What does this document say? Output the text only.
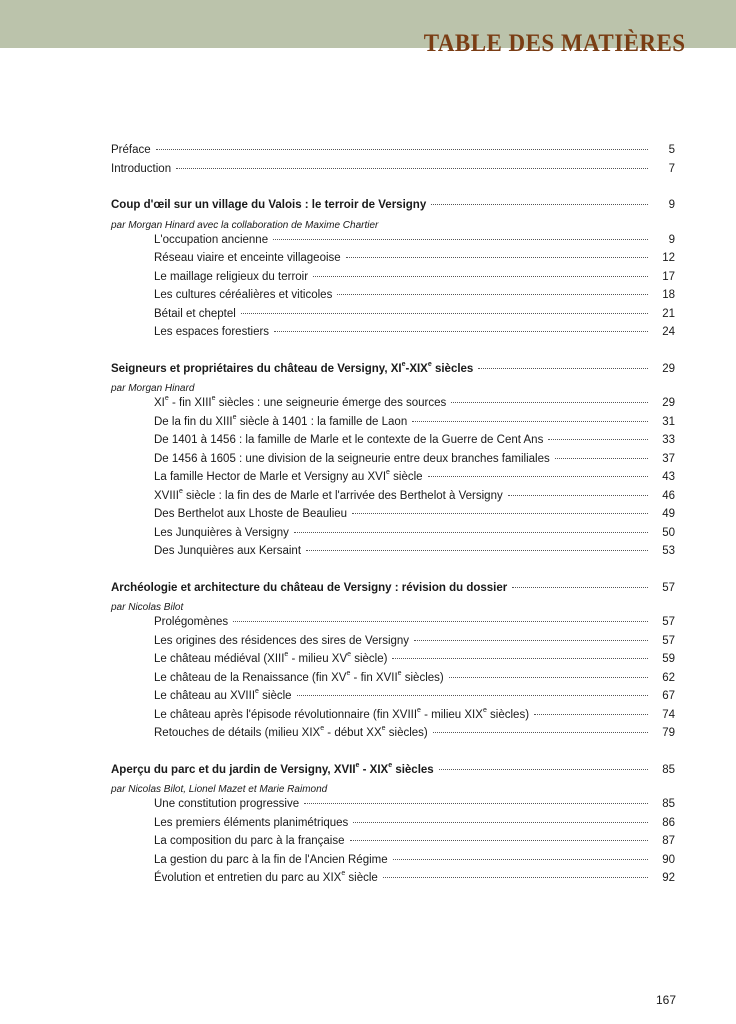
TABLE DES MATIÈRES
Préface	5
Introduction	7
Coup d'œil sur un village du Valois : le terroir de Versigny	9
par Morgan Hinard avec la collaboration de Maxime Chartier
L'occupation ancienne	9
Réseau viaire et enceinte villageoise	12
Le maillage religieux du terroir	17
Les cultures céréalières et viticoles	18
Bétail et cheptel	21
Les espaces forestiers	24
Seigneurs et propriétaires du château de Versigny, XIe-XIXe siècles	29
par Morgan Hinard
XIe - fin XIIIe siècles : une seigneurie émerge des sources	29
De la fin du XIIIe siècle à 1401 : la famille de Laon	31
De 1401 à 1456 : la famille de Marle et le contexte de la Guerre de Cent Ans	33
De 1456 à 1605 : une division de la seigneurie entre deux branches familiales	37
La famille Hector de Marle et Versigny au XVIe siècle	43
XVIIIe siècle : la fin des de Marle et l'arrivée des Berthelot à Versigny	46
Des Berthelot aux Lhoste de Beaulieu	49
Les Junquières à Versigny	50
Des Junquières aux Kersaint	53
Archéologie et architecture du château de Versigny : révision du dossier	57
par Nicolas Bilot
Prolégomènes	57
Les origines des résidences des sires de Versigny	57
Le château médiéval (XIIIe - milieu XVe siècle)	59
Le château de la Renaissance (fin XVe - fin XVIIe siècles)	62
Le château au XVIIIe siècle	67
Le château après l'épisode révolutionnaire (fin XVIIIe - milieu XIXe siècles)	74
Retouches de détails (milieu XIXe - début XXe siècles)	79
Aperçu du parc et du jardin de Versigny, XVIIe - XIXe siècles	85
par Nicolas Bilot, Lionel Mazet et Marie Raimond
Une constitution progressive	85
Les premiers éléments planimétriques	86
La composition du parc à la française	87
La gestion du parc à la fin de l'Ancien Régime	90
Évolution et entretien du parc au XIXe siècle	92
167
